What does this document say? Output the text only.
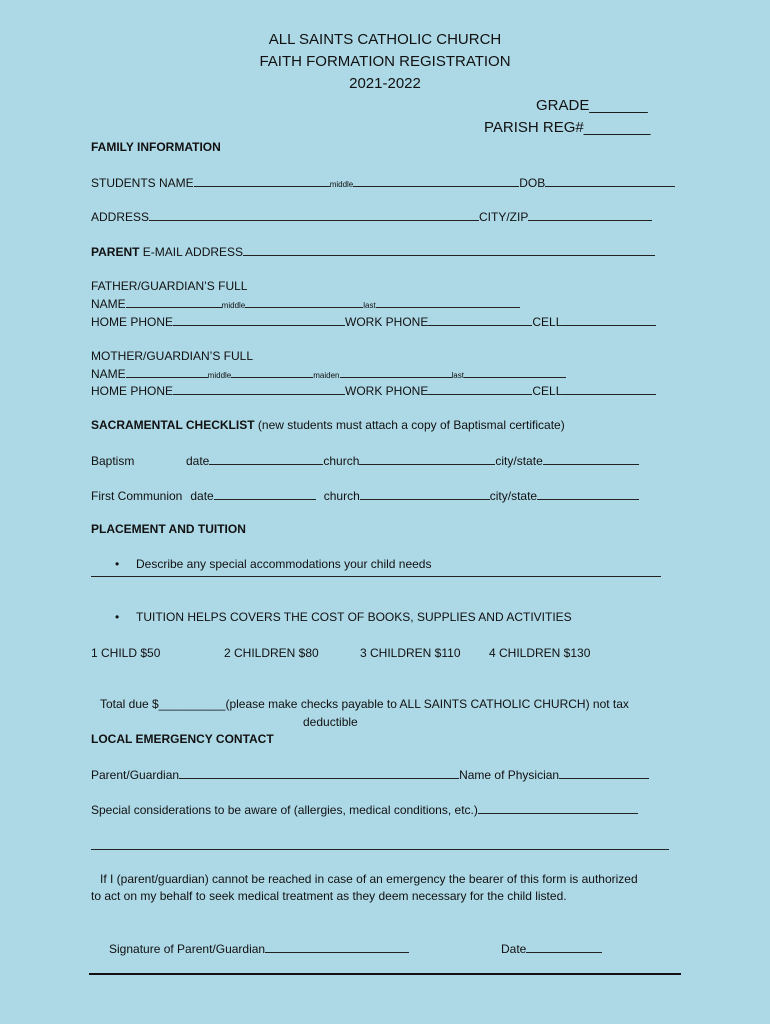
ALL SAINTS CATHOLIC CHURCH
FAITH FORMATION REGISTRATION
2021-2022
GRADE_______
PARISH REG#________
FAMILY INFORMATION
STUDENTS NAME	middle	DOB
ADDRESS	CITY/ZIP
PARENT E-MAIL ADDRESS
FATHER/GUARDIAN’S FULL
NAME	middle	last
HOME PHONE	WORK PHONE	CELL
MOTHER/GUARDIAN’S FULL
NAME	middle	maiden	last
HOME PHONE	WORK PHONE	CELL
SACRAMENTAL CHECKLIST (new students must attach a copy of Baptismal certificate)
Baptism	date	church	city/state
First Communion date	church	city/state
PLACEMENT AND TUITION
• Describe any special accommodations your child needs
• TUITION HELPS COVERS THE COST OF BOOKS, SUPPLIES AND ACTIVITIES
1 CHILD $50	2 CHILDREN $80	3 CHILDREN $110 4 CHILDREN $130
Total due $__________(please make checks payable to ALL SAINTS CATHOLIC CHURCH) not tax
deductible
LOCAL EMERGENCY CONTACT
Parent/Guardian	Name of Physician
Special considerations to be aware of (allergies, medical conditions, etc.)
If I (parent/guardian) cannot be reached in case of an emergency the bearer of this form is authorized
to act on my behalf to seek medical treatment as they deem necessary for the child listed.
Signature of Parent/Guardian	Date
